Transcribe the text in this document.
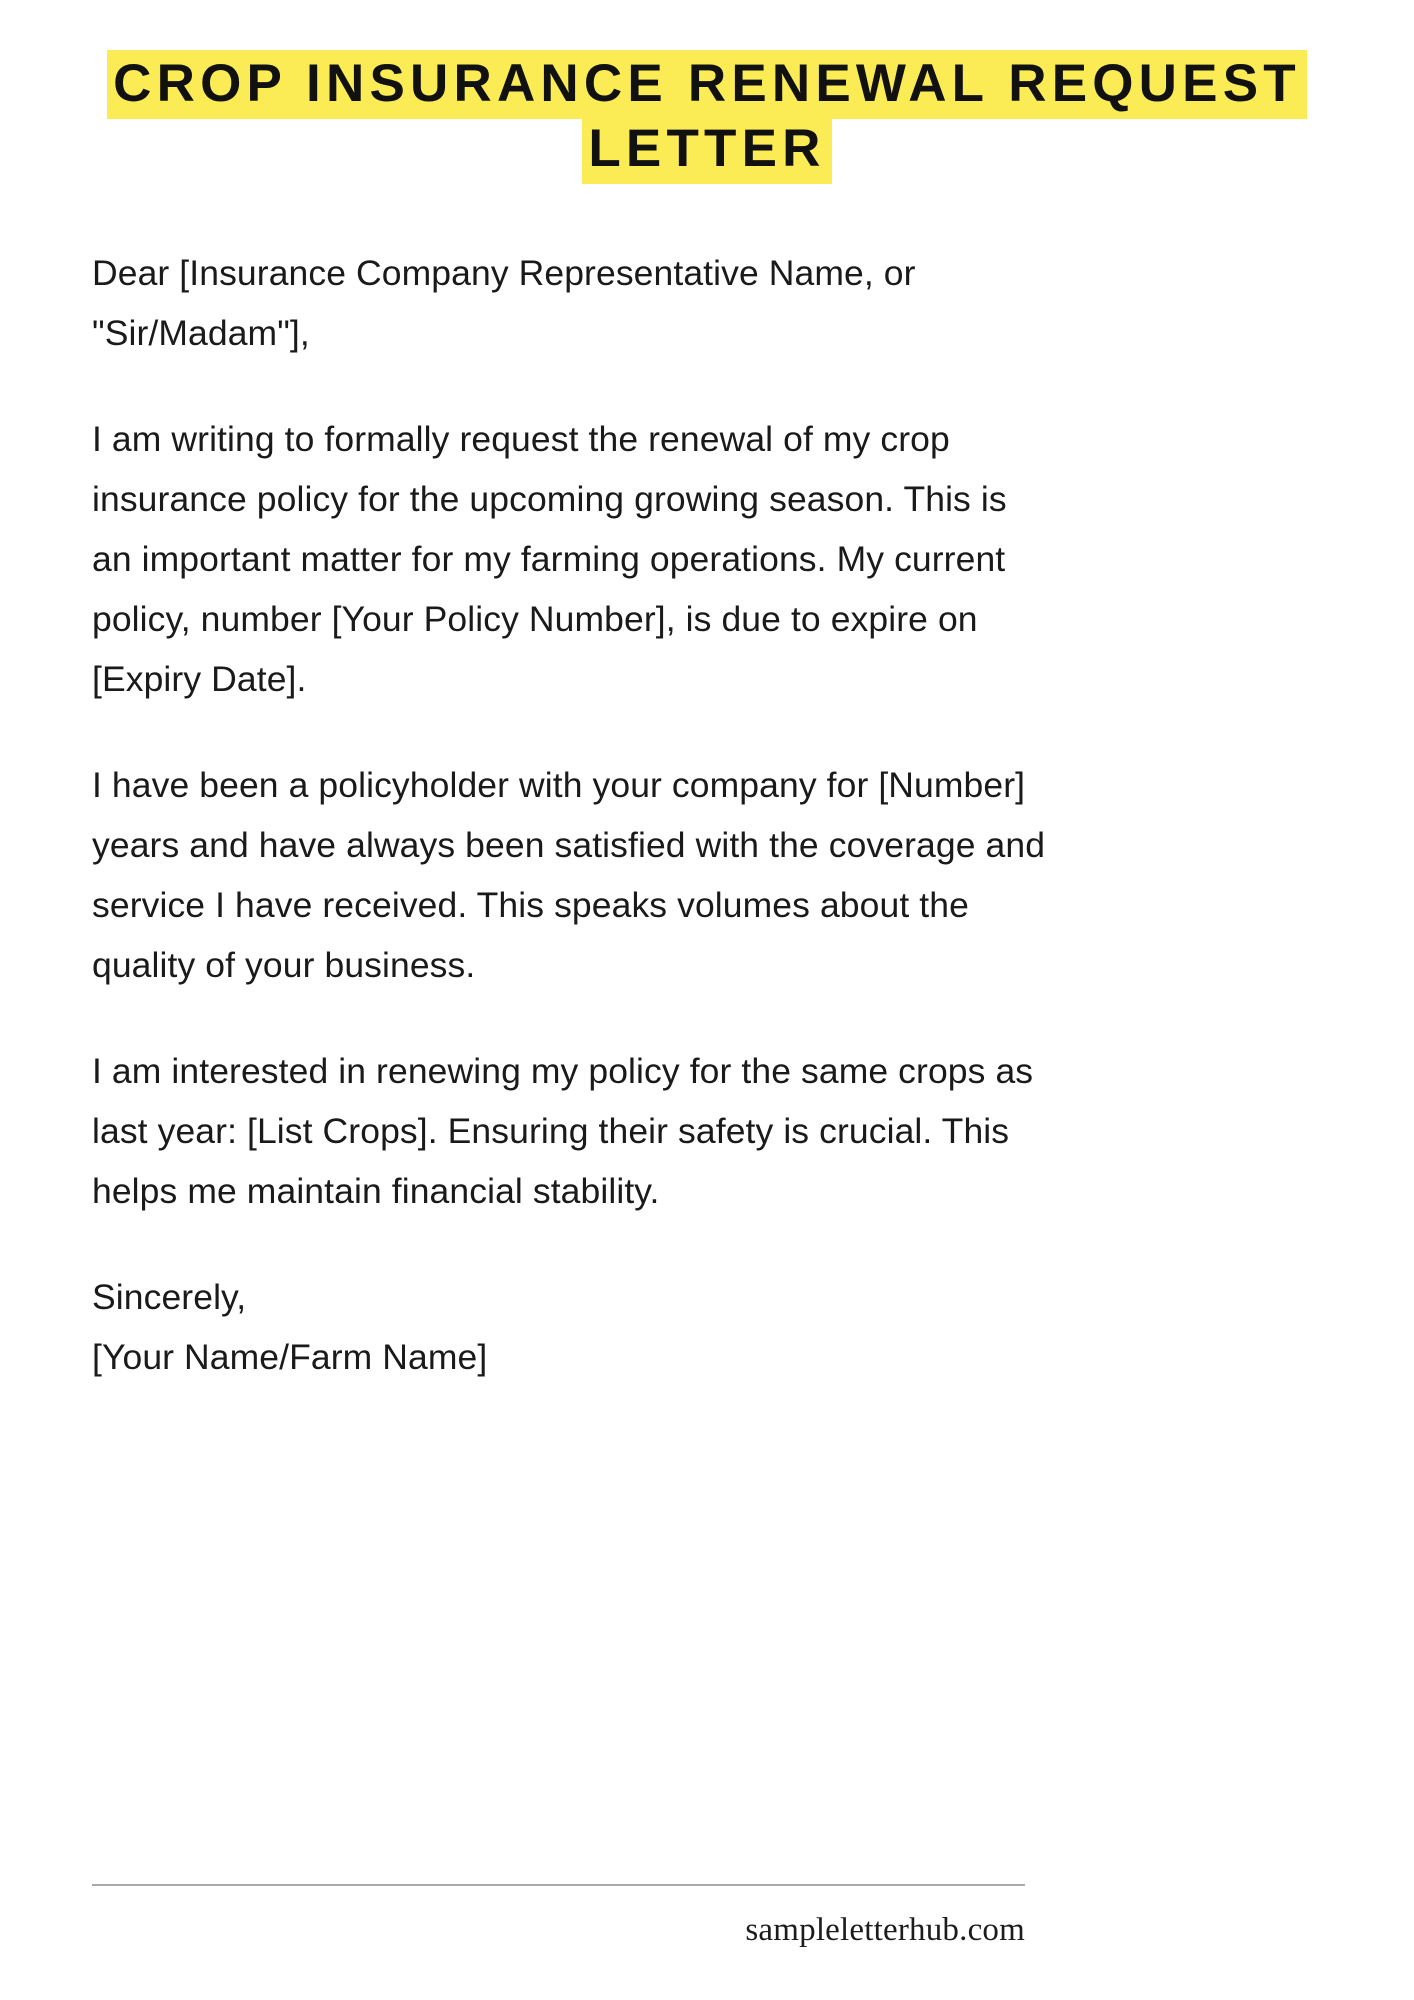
CROP INSURANCE RENEWAL REQUEST
LETTER

Dear [Insurance Company Representative Name, or "Sir/Madam"],

I am writing to formally request the renewal of my crop insurance policy for the upcoming growing season. This is an important matter for my farming operations. My current policy, number [Your Policy Number], is due to expire on [Expiry Date].

I have been a policyholder with your company for [Number] years and have always been satisfied with the coverage and service I have received. This speaks volumes about the quality of your business.

I am interested in renewing my policy for the same crops as last year: [List Crops]. Ensuring their safety is crucial. This helps me maintain financial stability.

Sincerely,
[Your Name/Farm Name]

sampleletterhub.com
